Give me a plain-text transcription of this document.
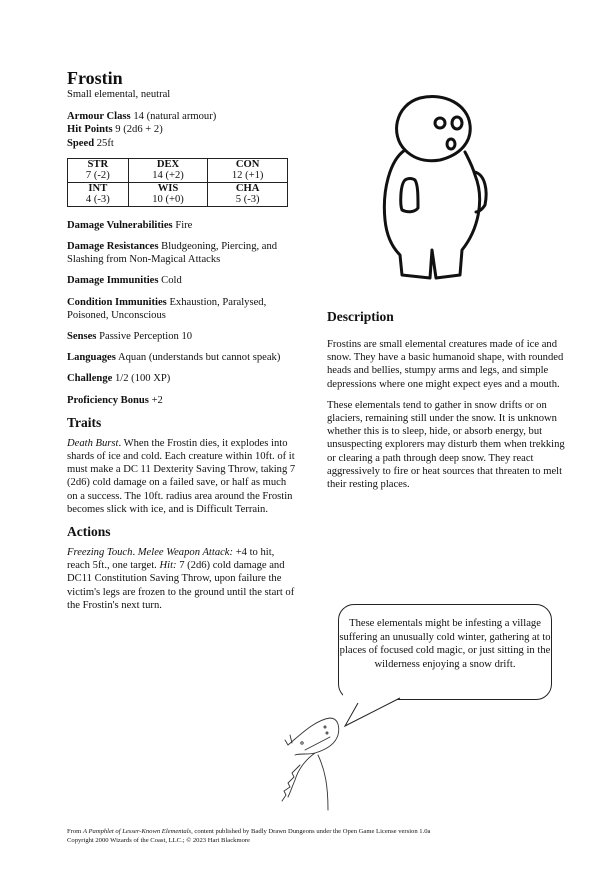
Frostin

Small elemental, neutral

Armour Class 14 (natural armour)
Hit Points 9 (2d6 + 2)
Speed 25ft
STR	DEX	CON
7 (-2)	14 (+2)	12 (+1)
INT	WIS	CHA
4 (-3)	10 (+0)	5 (-3)

Damage Vulnerabilities Fire

Damage Resistances Bludgeoning, Piercing, and Slashing from Non-Magical Attacks

Damage Immunities Cold

Condition Immunities Exhaustion, Paralysed, Poisoned, Unconscious

Senses Passive Perception 10

Languages Aquan (understands but cannot speak)

Challenge 1/2 (100 XP)

Proficiency Bonus +2

Traits

Death Burst. When the Frostin dies, it explodes into shards of ice and cold. Each creature within 10ft. of it must make a DC 11 Dexterity Saving Throw, taking 7 (2d6) cold damage on a failed save, or half as much on a success. The 10ft. radius area around the Frostin becomes slick with ice, and is Difficult Terrain.

Actions

Freezing Touch. Melee Weapon Attack: +4 to hit, reach 5ft., one target. Hit: 7 (2d6) cold damage and DC11 Constitution Saving Throw, upon failure the victim's legs are frozen to the ground until the start of the Frostin's next turn.

Description

Frostins are small elemental creatures made of ice and snow. They have a basic humanoid shape, with rounded heads and bellies, stumpy arms and legs, and simple depressions where one might expect eyes and a mouth.

These elementals tend to gather in snow drifts or on glaciers, remaining still under the snow. It is unknown whether this is to sleep, hide, or absorb energy, but unsuspecting explorers may disturb them when trekking or clearing a path through deep snow. They react aggressively to fire or heat sources that threaten to melt their resting places.

These elementals might be infesting a village suffering an unusually cold winter, gathering at to places of focused cold magic, or just sitting in the wilderness enjoying a snow drift.
From A Pamphlet of Lesser-Known Elementals, content published by Badly Drawn Dungeons under the Open Game License version 1.0a
Copyright 2000 Wizards of the Coast, LLC.; © 2023 Hari Blackmore
